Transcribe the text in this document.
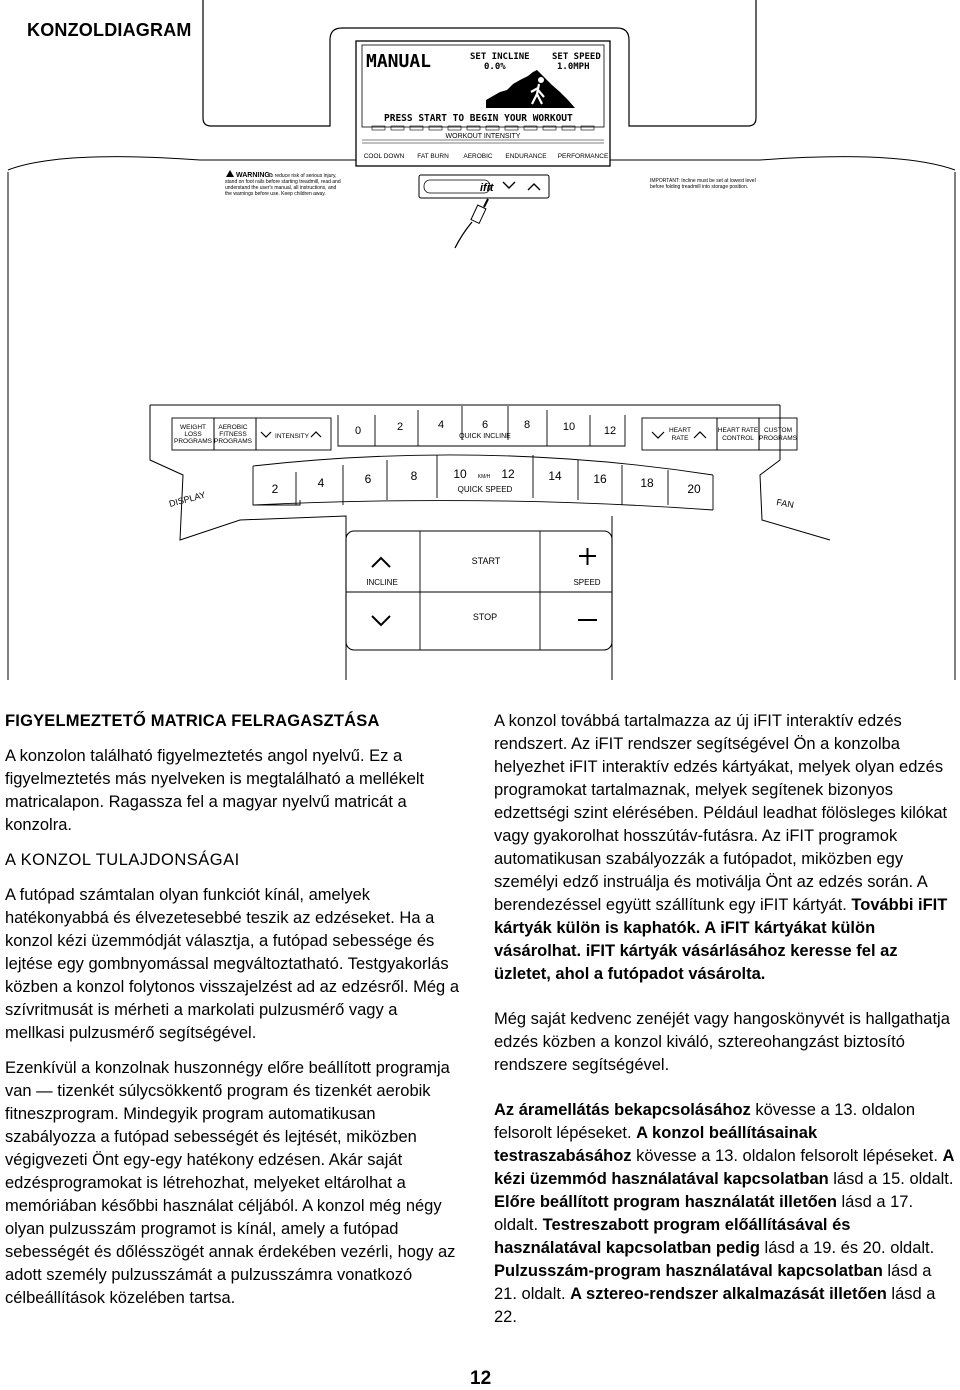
KONZOLDIAGRAM
MANUAL	SET INCLINE
0.0%
SET SPEED
1.0MPH
PRESS START TO BEGIN YOUR WORKOUT
WORKOUT INTENSITY
COOL DOWN FAT BURN AEROBIC ENDURANCE PERFORMANCE
WARNING:
To reduce risk of serious injury,
stand on foot rails before starting treadmill, read and
understand the user's manual, all instructions, and
the warnings before use. Keep children away.
IMPORTANT: Incline must be set at lowest level
before folding treadmill into storage position.
ifit
WEIGHT
LOSS
PROGRAMS
AEROBIC
FITNESS
PROGRAMS
INTENSITY	0	2	4	6	8	10	12
QUICK INCLINE
HEART
RATE
HEART RATE
CONTROL
CUSTOM
PROGRAMS
2	4	6	8	10	12	14	16	18	20
KM/H
QUICK SPEED
DISPLAY	FAN
INCLINE
START
STOP
SPEED
FIGYELMEZTETŐ MATRICA FELRAGASZTÁSA

A konzolon található figyelmeztetés angol nyelvű. Ez a figyelmeztetés más nyelveken is megtalálható a mellékelt matricalapon. Ragassza fel a magyar nyelvű matricát a konzolra.

A KONZOL TULAJDONSÁGAI

A futópad számtalan olyan funkciót kínál, amelyek hatékonyabbá és élvezetesebbé teszik az edzéseket. Ha a konzol kézi üzemmódját választja, a futópad sebessége és lejtése egy gombnyomással megváltoztatható. Testgyakorlás közben a konzol folytonos visszajelzést ad az edzésről. Még a szívritmusát is mérheti a markolati pulzusmérő vagy a mellkasi pulzusmérő segítségével.

Ezenkívül a konzolnak huszonnégy előre beállított programja van — tizenkét súlycsökkentő program és tizenkét aerobik fitneszprogram. Mindegyik program automatikusan szabályozza a futópad sebességét és lejtését, miközben végigvezeti Önt egy-egy hatékony edzésen. Akár saját edzésprogramokat is létrehozhat, melyeket eltárolhat a memóriában későbbi használat céljából. A konzol még négy olyan pulzusszám programot is kínál, amely a futópad sebességét és dőlésszögét annak érdekében vezérli, hogy az adott személy pulzusszámát a pulzusszámra vonatkozó célbeállítások közelében tartsa.

A konzol továbbá tartalmazza az új iFIT interaktív edzés rendszert. Az iFIT rendszer segítségével Ön a konzolba helyezhet iFIT interaktív edzés kártyákat, melyek olyan edzés programokat tartalmaznak, melyek segítenek bizonyos edzettségi szint elérésében. Például leadhat fölösleges kilókat vagy gyakorolhat hosszútáv-futásra. Az iFIT programok automatikusan szabályozzák a futópadot, miközben egy személyi edző instruálja és motiválja Önt az edzés során. A berendezéssel együtt szállítunk egy iFIT kártyát. További iFIT kártyák külön is kaphatók. A iFIT kártyákat külön vásárolhat. iFIT kártyák vásárlásához keresse fel az üzletet, ahol a futópadot vásárolta.

Még saját kedvenc zenéjét vagy hangoskönyvét is hallgathatja edzés közben a konzol kiváló, sztereohangzást biztosító rendszere segítségével.

Az áramellátás bekapcsolásához kövesse a 13. oldalon felsorolt lépéseket. A konzol beállításainak testraszabásához kövesse a 13. oldalon felsorolt lépéseket. A kézi üzemmód használatával kapcsolatban lásd a 15. oldalt. Előre beállított program használatát illetően lásd a 17. oldalt. Testreszabott program előállításával és használatával kapcsolatban pedig lásd a 19. és 20. oldalt. Pulzusszám-program használatával kapcsolatban lásd a 21. oldalt. A sztereo-rendszer alkalmazását illetően lásd a 22.

12
